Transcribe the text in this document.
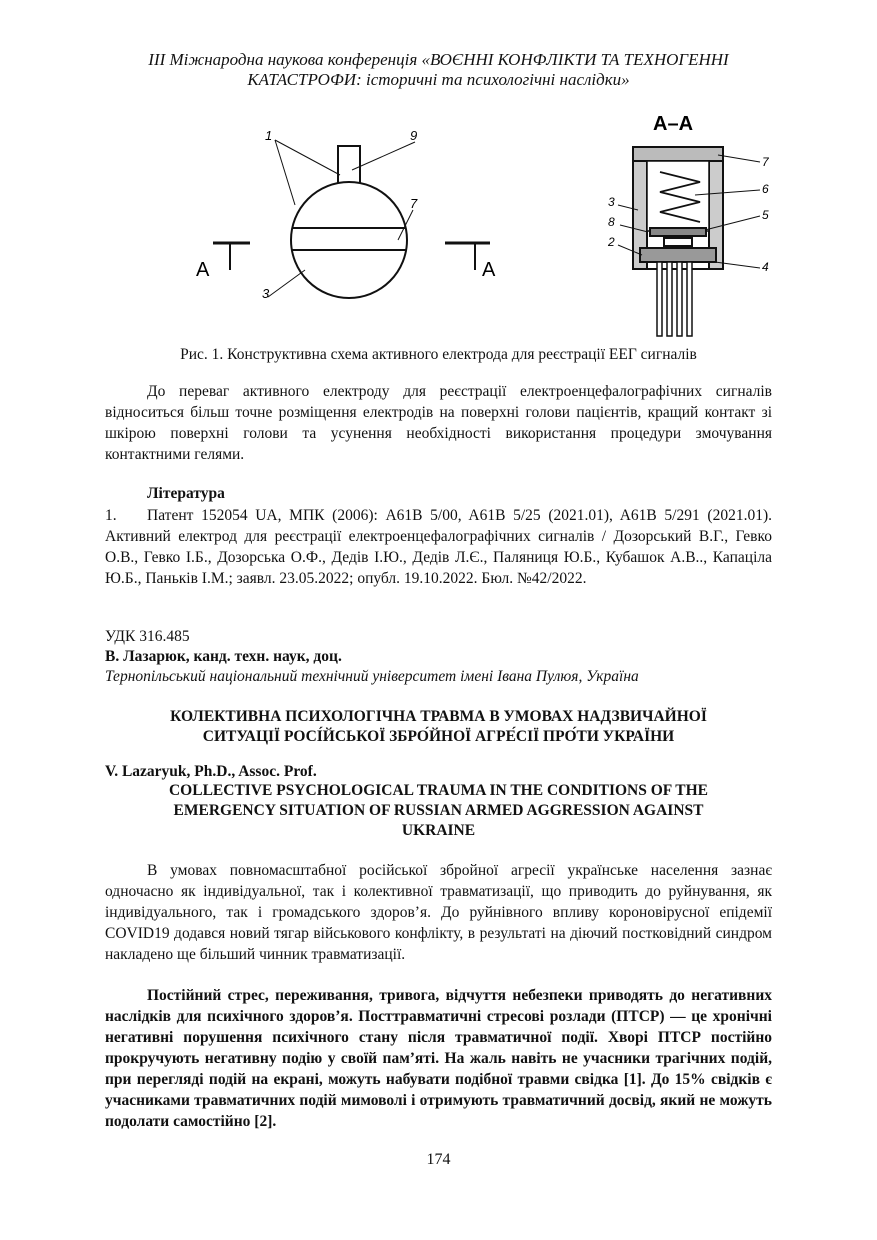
ІІІ Міжнародна наукова конференція «ВОЄННІ КОНФЛІКТИ ТА ТЕХНОГЕННІ
КАТАСТРОФИ: історичні та психологічні наслідки»
1	9
7
3
A	A
A–A
7
6
5
3
8
2
4
Рис. 1. Конструктивна схема активного електрода для реєстрації ЕЕГ сигналів

До переваг активного електроду для реєстрації електроенцефалографічних сигналів відноситься більш точне розміщення електродів на поверхні голови пацієнтів, кращий контакт зі шкірою поверхні голови та усунення необхідності використання процедури змочування контактними гелями.

Література

1. Патент 152054 UA, МПК (2006): A61B 5/00, A61B 5/25 (2021.01), A61B 5/291 (2021.01). Активний електрод для реєстрації електроенцефалографічних сигналів / Дозорський В.Г., Гевко О.В., Гевко І.Б., Дозорська О.Ф., Дедів І.Ю., Дедів Л.Є., Паляниця Ю.Б., Кубашок А.В.., Капаціла Ю.Б., Паньків І.М.; заявл. 23.05.2022; опубл. 19.10.2022. Бюл. №42/2022.

УДК 316.485
В. Лазарюк, канд. техн. наук, доц.
Тернопільський національний технічний університет імені Івана Пулюя, Україна
КОЛЕКТИВНА ПСИХОЛОГІЧНА ТРАВМА В УМОВАХ НАДЗВИЧАЙНОЇ
СИТУАЦІЇ РОСІ́ЙСЬКОЇ ЗБРО́ЙНОЇ АГРЕ́СІЇ ПРО́ТИ УКРАЇНИ
V. Lazaryuk, Ph.D., Assoc. Prof.
COLLECTIVE PSYCHOLOGICAL TRAUMA IN THE CONDITIONS OF THE
EMERGENCY SITUATION OF RUSSIAN ARMED AGGRESSION AGAINST
UKRAINE

В умовах повномасштабної російської збройної агресії українське населення зазнає одночасно як індивідуальної, так і колективної травматизації, що приводить до руйнування, як індивідуального, так і громадського здоров’я. До руйнівного впливу короновірусної епідемії COVID19 додався новий тягар військового конфлікту, в результаті на діючий постковідний синдром накладено ще більший чинник травматизації.

Постійний стрес, переживання, тривога, відчуття небезпеки приводять до негативних наслідків для психічного здоров’я. Посттравматичні стресові розлади (ПТСР) — це хронічні негативні порушення психічного стану після травматичної події. Хворі ПТСР постійно прокручують негативну подію у своїй пам’яті. На жаль навіть не учасники трагічних подій, при перегляді подій на екрані, можуть набувати подібної травми свідка [1]. До 15% свідків є учасниками травматичних подій мимоволі і отримують травматичний досвід, який не можуть подолати самостійно [2].

174
